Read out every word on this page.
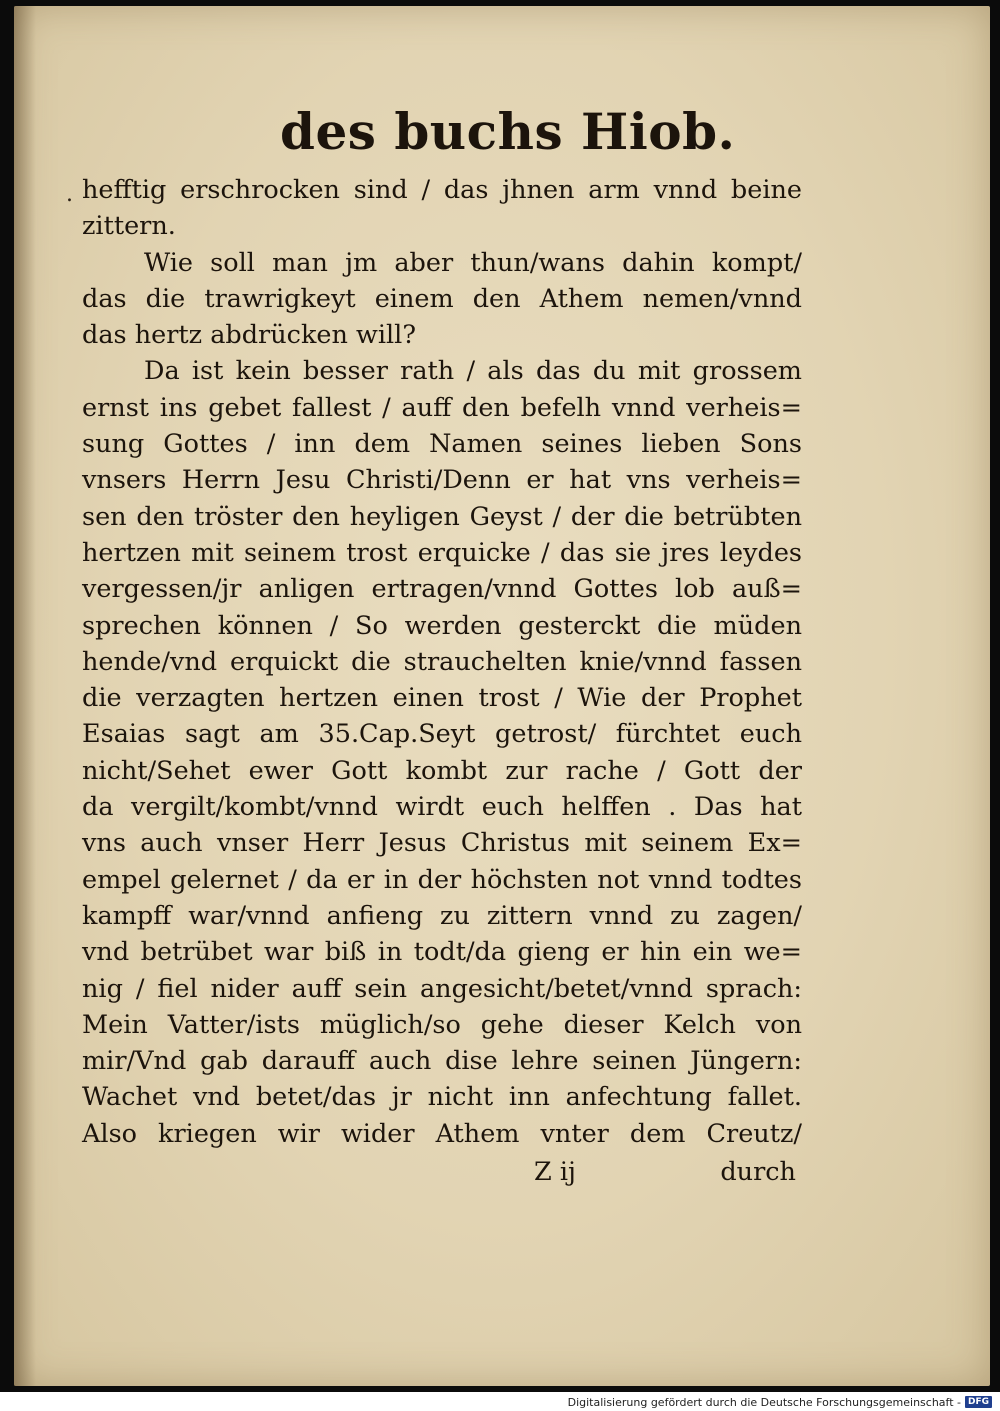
des buchs Hiob.
. hefftig erschrocken sind / das jhnen arm vnnd beine
zittern.
Wie soll man jm aber thun/wans dahin kompt/
das die trawrigkeyt einem den Athem nemen/vnnd
das hertz abdrücken will?
Da ist kein besser rath / als das du mit grossem
ernst ins gebet fallest / auff den befelh vnnd verheis=
sung Gottes / inn dem Namen seines lieben Sons
vnsers Herrn Jesu Christi/Denn er hat vns verheis=
sen den tröster den heyligen Geyst / der die betrübten
hertzen mit seinem trost erquicke / das sie jres leydes
vergessen/jr anligen ertragen/vnnd Gottes lob auß=
sprechen können / So werden gesterckt die müden
hende/vnd erquickt die strauchelten knie/vnnd fassen
die verzagten hertzen einen trost / Wie der Prophet
Esaias sagt am 35.Cap.Seyt getrost/ fürchtet euch
nicht/Sehet ewer Gott kombt zur rache / Gott der
da vergilt/kombt/vnnd wirdt euch helffen . Das hat
vns auch vnser Herr Jesus Christus mit seinem Ex=
empel gelernet / da er in der höchsten not vnnd todtes
kampff war/vnnd anfieng zu zittern vnnd zu zagen/
vnd betrübet war biß in todt/da gieng er hin ein we=
nig / fiel nider auff sein angesicht/betet/vnnd sprach:
Mein Vatter/ists müglich/so gehe dieser Kelch von
mir/Vnd gab darauff auch dise lehre seinen Jüngern:
Wachet vnd betet/das jr nicht inn anfechtung fallet.
Also kriegen wir wider Athem vnter dem Creutz/
Z ij	durch
Digitalisierung gefördert durch die Deutsche Forschungsgemeinschaft - DFG
